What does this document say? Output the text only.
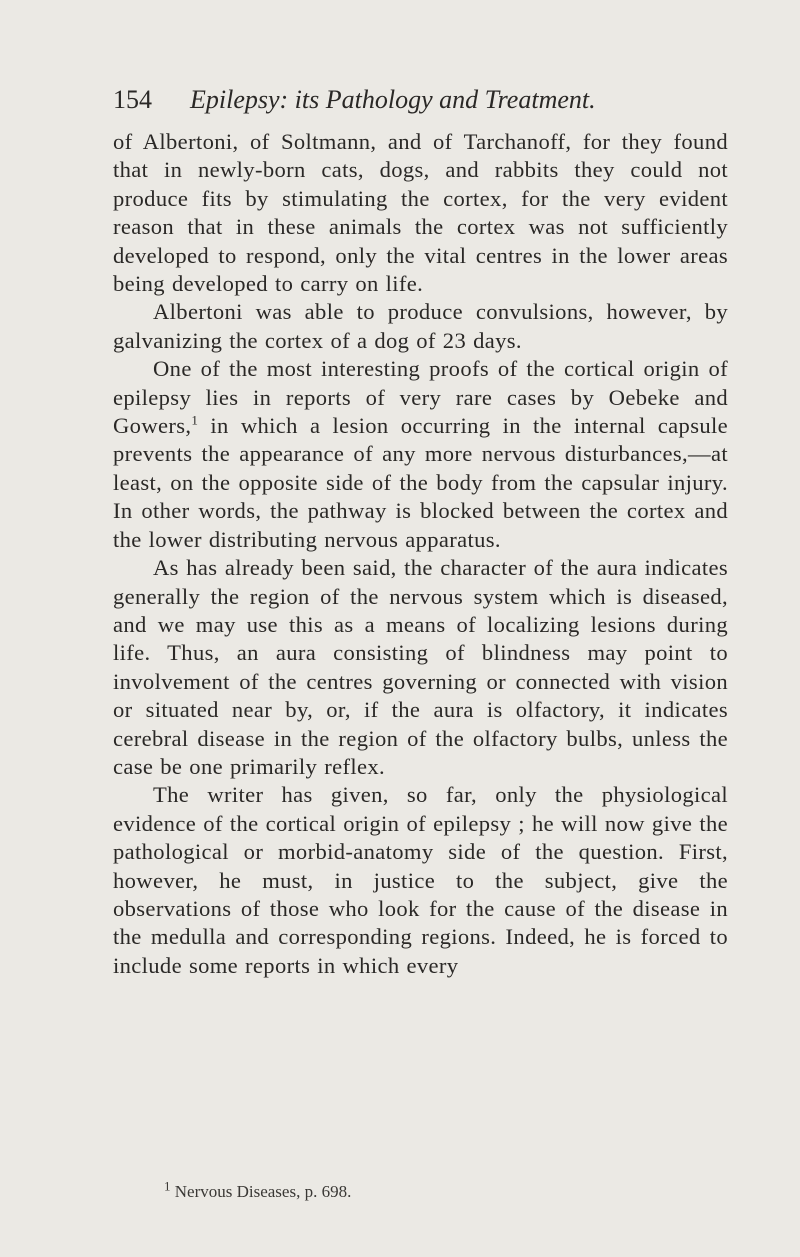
154 Epilepsy: its Pathology and Treatment.

of Albertoni, of Soltmann, and of Tarchanoff, for they found that in newly-born cats, dogs, and rabbits they could not produce fits by stimulating the cortex, for the very evident reason that in these animals the cortex was not sufficiently developed to respond, only the vital centres in the lower areas being developed to carry on life.

Albertoni was able to produce convulsions, however, by galvanizing the cortex of a dog of 23 days.

One of the most interesting proofs of the cortical origin of epilepsy lies in reports of very rare cases by Oebeke and Gowers,$^1$ in which a lesion occurring in the internal capsule prevents the appearance of any more nervous disturbances,—at least, on the opposite side of the body from the capsular injury. In other words, the pathway is blocked between the cortex and the lower distributing nervous apparatus.

As has already been said, the character of the aura indicates generally the region of the nervous system which is diseased, and we may use this as a means of localizing lesions during life. Thus, an aura consisting of blindness may point to involvement of the centres governing or connected with vision or situated near by, or, if the aura is olfactory, it indicates cerebral disease in the region of the olfactory bulbs, unless the case be one primarily reflex.

The writer has given, so far, only the physiological evidence of the cortical origin of epilepsy ; he will now give the pathological or morbid-anatomy side of the question. First, however, he must, in justice to the subject, give the observations of those who look for the cause of the disease in the medulla and corresponding regions. Indeed, he is forced to include some reports in which every

$^1$ Nervous Diseases, p. 698.
